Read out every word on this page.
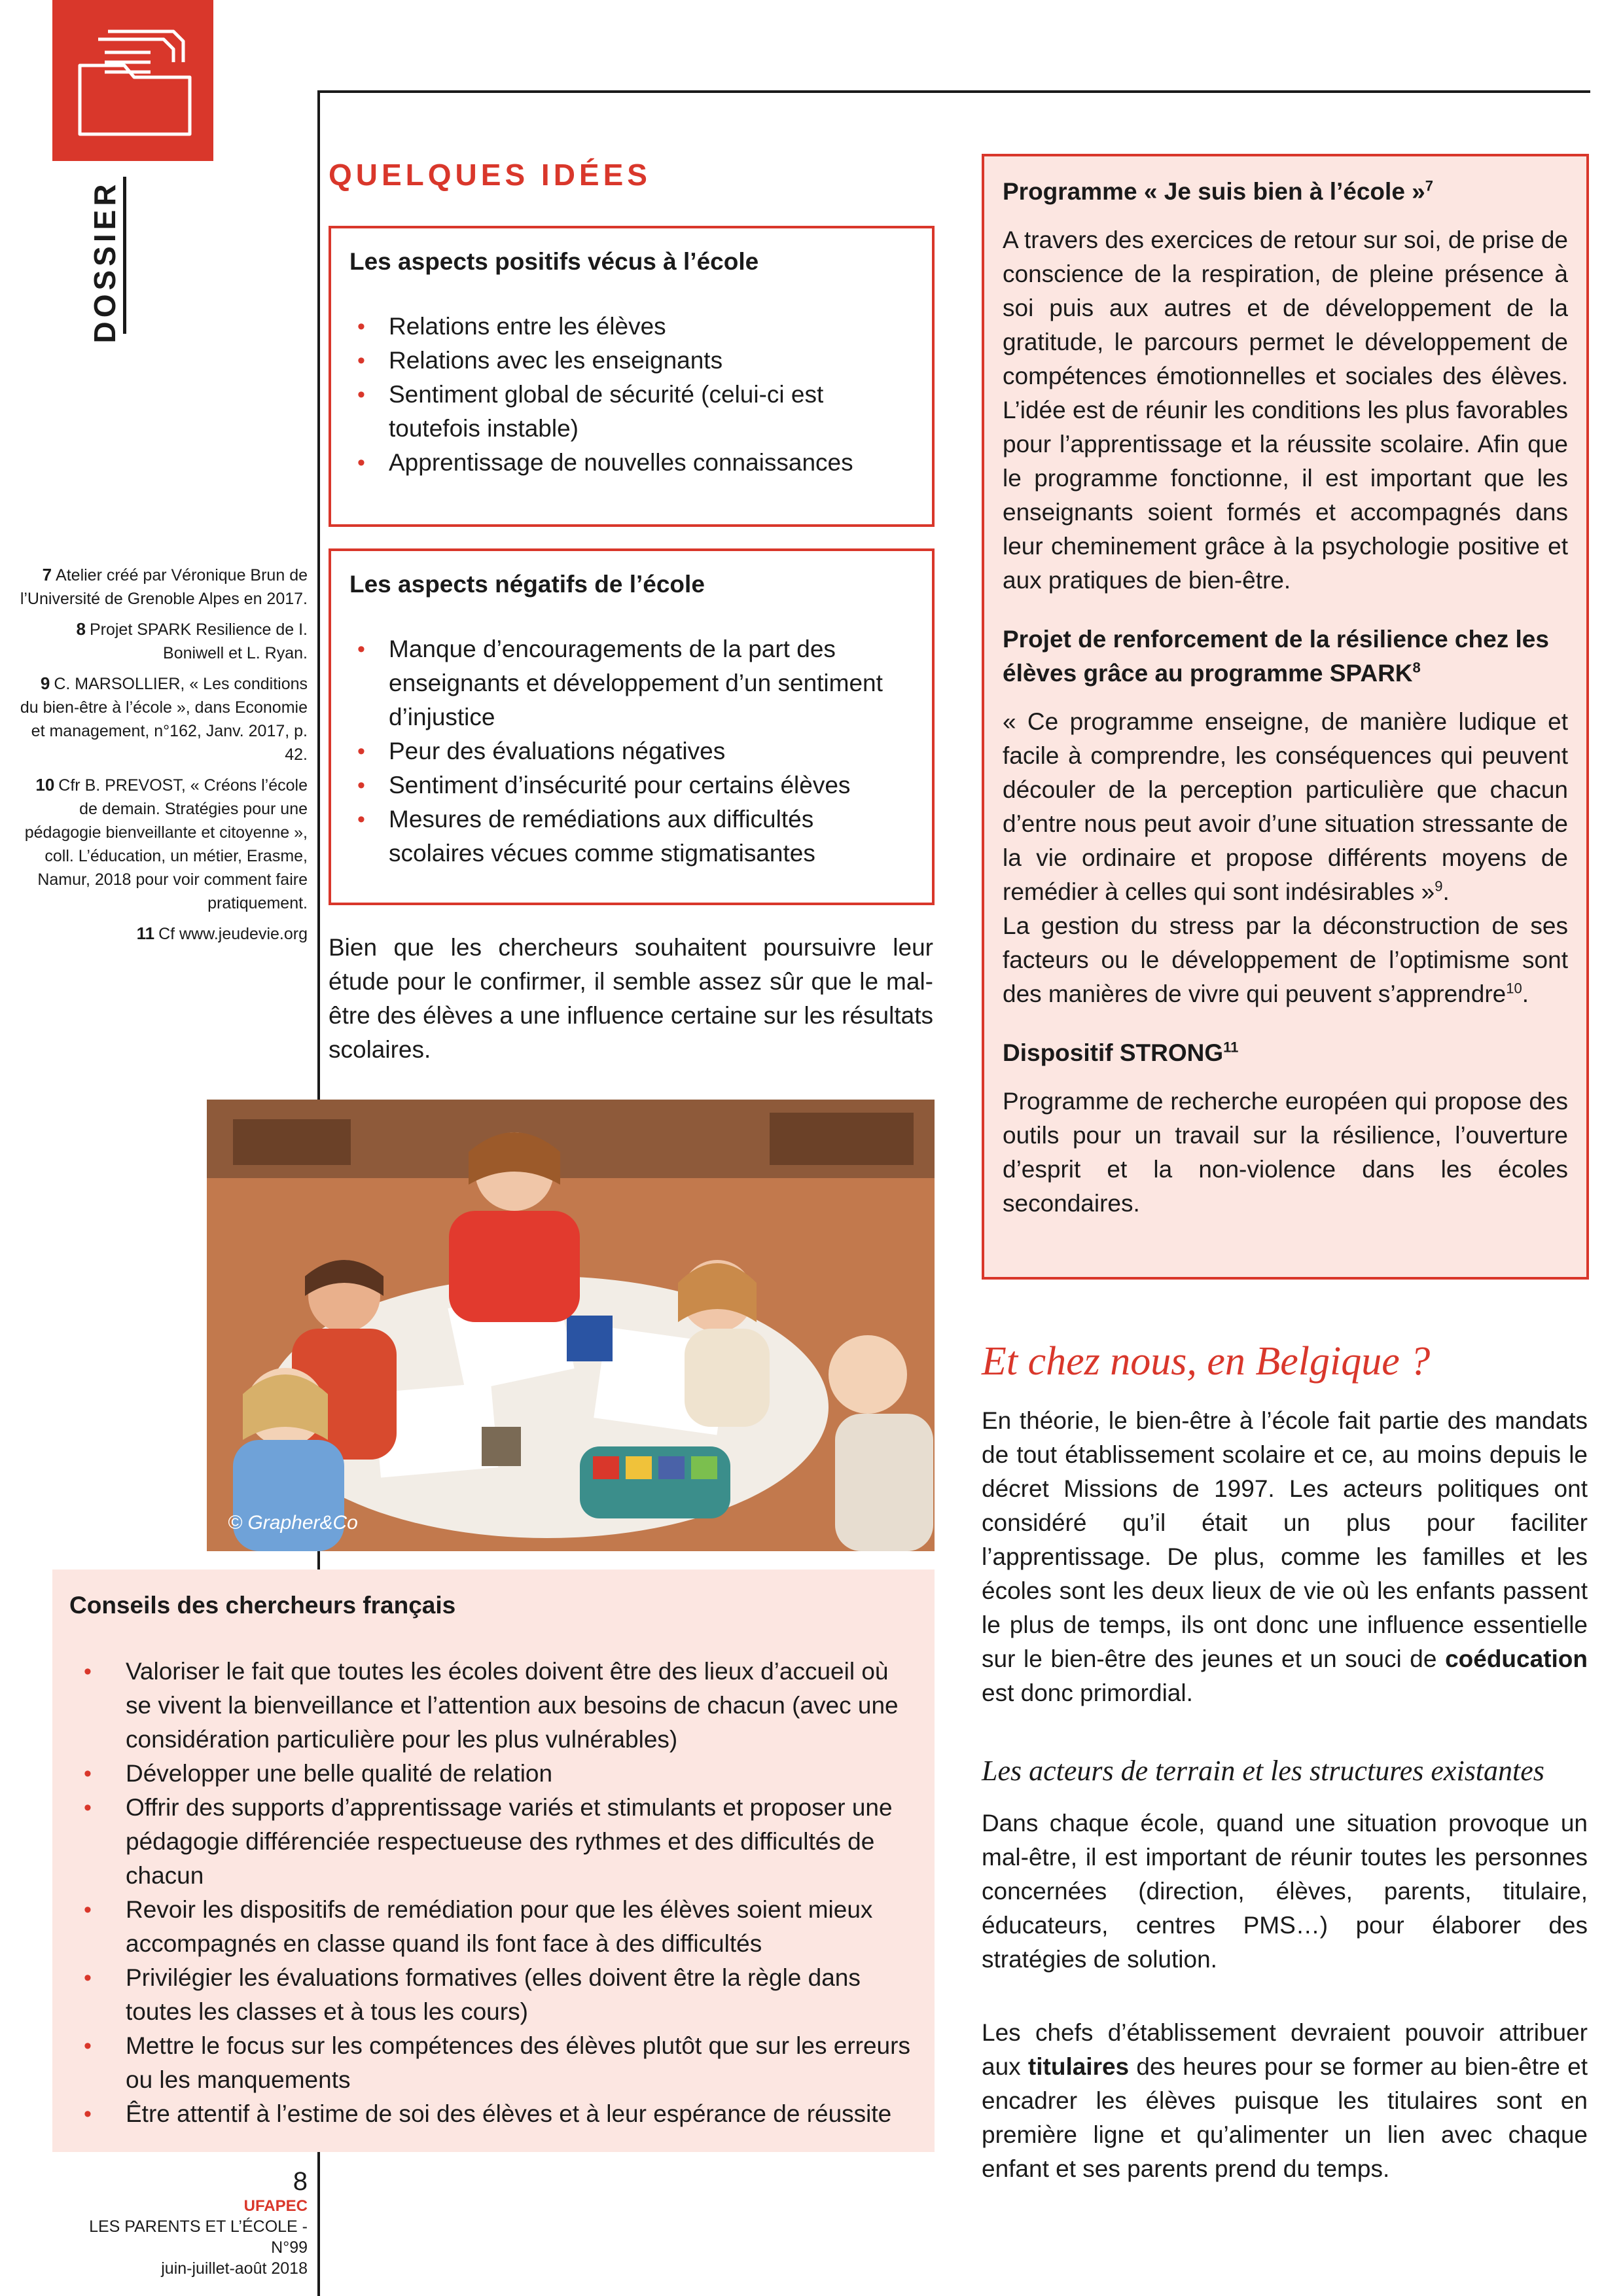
DOSSIER

7 Atelier créé par Véronique Brun de l’Université de Grenoble Alpes en 2017.

8 Projet SPARK Resilience de I. Boniwell et L. Ryan.

9 C. MARSOLLIER, « Les conditions du bien-être à l’école », dans Economie et management, n°162, Janv. 2017, p. 42.

10 Cfr B. PREVOST, « Créons l’école de demain. Stratégies pour une pédagogie bienveillante et citoyenne », coll. L’éducation, un métier, Erasme, Namur, 2018 pour voir comment faire pratiquement.

11 Cf www.jeudevie.org

QUELQUES IDÉES

Les aspects positifs vécus à l’école

• Relations entre les élèves
• Relations avec les enseignants
• Sentiment global de sécurité (celui-ci est toutefois instable)
• Apprentissage de nouvelles connaissances

Les aspects négatifs de l’école

• Manque d’encouragements de la part des enseignants et développement d’un sentiment d’injustice
• Peur des évaluations négatives
• Sentiment d’insécurité pour certains élèves
• Mesures de remédiations aux difficultés scolaires vécues comme stigmatisantes
Bien que les chercheurs souhaitent poursuivre leur étude pour le confirmer, il semble assez sûr que le mal-être des élèves a une influence certaine sur les résultats scolaires.
© Grapher&Co

Conseils des chercheurs français

• Valoriser le fait que toutes les écoles doivent être des lieux d’accueil où se vivent la bienveillance et l’attention aux besoins de chacun (avec une considération particulière pour les plus vulnérables)
• Développer une belle qualité de relation
• Offrir des supports d’apprentissage variés et stimulants et proposer une pédagogie différenciée respectueuse des rythmes et des difficultés de chacun
• Revoir les dispositifs de remédiation pour que les élèves soient mieux accompagnés en classe quand ils font face à des difficultés
• Privilégier les évaluations formatives (elles doivent être la règle dans toutes les classes et à tous les cours)
• Mettre le focus sur les compétences des élèves plutôt que sur les erreurs ou les manquements
• Être attentif à l’estime de soi des élèves et à leur espérance de réussite
Programme « Je suis bien à l’école »$^7$

A travers des exercices de retour sur soi, de prise de conscience de la respiration, de pleine présence à soi puis aux autres et de développement de la gratitude, le parcours permet le développement de compétences émotionnelles et sociales des élèves. L’idée est de réunir les conditions les plus favorables pour l’apprentissage et la réussite scolaire. Afin que le programme fonctionne, il est important que les enseignants soient formés et accompagnés dans leur cheminement grâce à la psychologie positive et aux pratiques de bien-être.

Projet de renforcement de la résilience chez les élèves grâce au programme SPARK$^8$

« Ce programme enseigne, de manière ludique et facile à comprendre, les conséquences qui peuvent découler de la perception particulière que chacun d’entre nous peut avoir d’une situation stressante de la vie ordinaire et propose différents moyens de remédier à celles qui sont indésirables »$^9$.

La gestion du stress par la déconstruction de ses facteurs ou le développement de l’optimisme sont des manières de vivre qui peuvent s’apprendre$^{10}$.

Dispositif STRONG$^{11}$

Programme de recherche européen qui propose des outils pour un travail sur la résilience, l’ouverture d’esprit et la non-violence dans les écoles secondaires.

Et chez nous, en Belgique ?
En théorie, le bien-être à l’école fait partie des mandats de tout établissement scolaire et ce, au moins depuis le décret Missions de 1997. Les acteurs politiques ont considéré qu’il était un plus pour faciliter l’apprentissage. De plus, comme les familles et les écoles sont les deux lieux de vie où les enfants passent le plus de temps, ils ont donc une influence essentielle sur le bien-être des jeunes et un souci de coéducation est donc primordial.
Les acteurs de terrain et les structures existantes
Dans chaque école, quand une situation provoque un mal-être, il est important de réunir toutes les personnes concernées (direction, élèves, parents, titulaire, éducateurs, centres PMS…) pour élaborer des stratégies de solution.
Les chefs d’établissement devraient pouvoir attribuer aux titulaires des heures pour se former au bien-être et encadrer les élèves puisque les titulaires sont en première ligne et qu’alimenter un lien avec chaque enfant et ses parents prend du temps.
8
UFAPEC
LES PARENTS ET L’ÉCOLE - N°99
juin-juillet-août 2018
